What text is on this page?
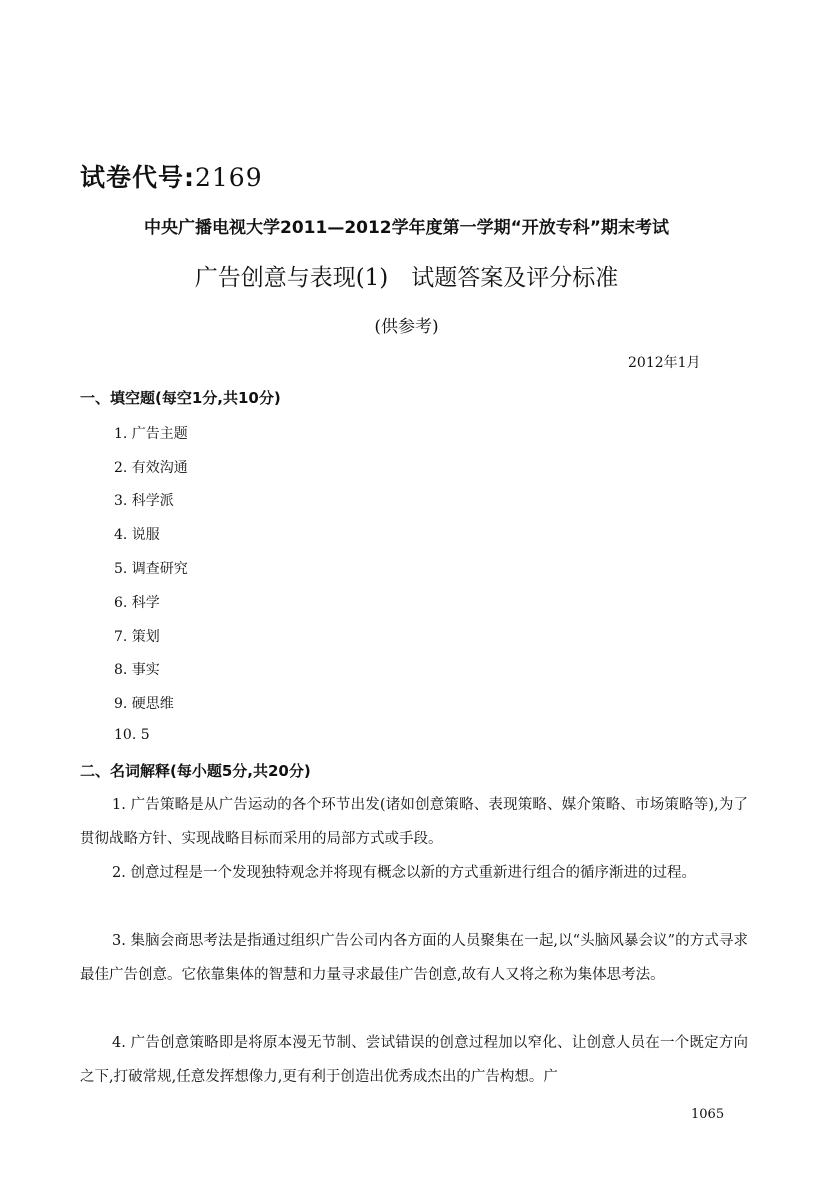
试卷代号:2169
中央广播电视大学2011—2012学年度第一学期“开放专科”期末考试
广告创意与表现(1)　试题答案及评分标准
(供参考)
2012年1月
一、填空题(每空1分,共10分)
1. 广告主题
2. 有效沟通
3. 科学派
4. 说服
5. 调查研究
6. 科学
7. 策划
8. 事实
9. 硬思维
10. 5
二、名词解释(每小题5分,共20分)

1. 广告策略是从广告运动的各个环节出发(诸如创意策略、表现策略、媒介策略、市场策略等),为了贯彻战略方针、实现战略目标而采用的局部方式或手段。

2. 创意过程是一个发现独特观念并将现有概念以新的方式重新进行组合的循序渐进的过程。

3. 集脑会商思考法是指通过组织广告公司内各方面的人员聚集在一起,以“头脑风暴会议”的方式寻求最佳广告创意。它依靠集体的智慧和力量寻求最佳广告创意,故有人又将之称为集体思考法。

4. 广告创意策略即是将原本漫无节制、尝试错误的创意过程加以窄化、让创意人员在一个既定方向之下,打破常规,任意发挥想像力,更有利于创造出优秀成杰出的广告构想。广

1065
